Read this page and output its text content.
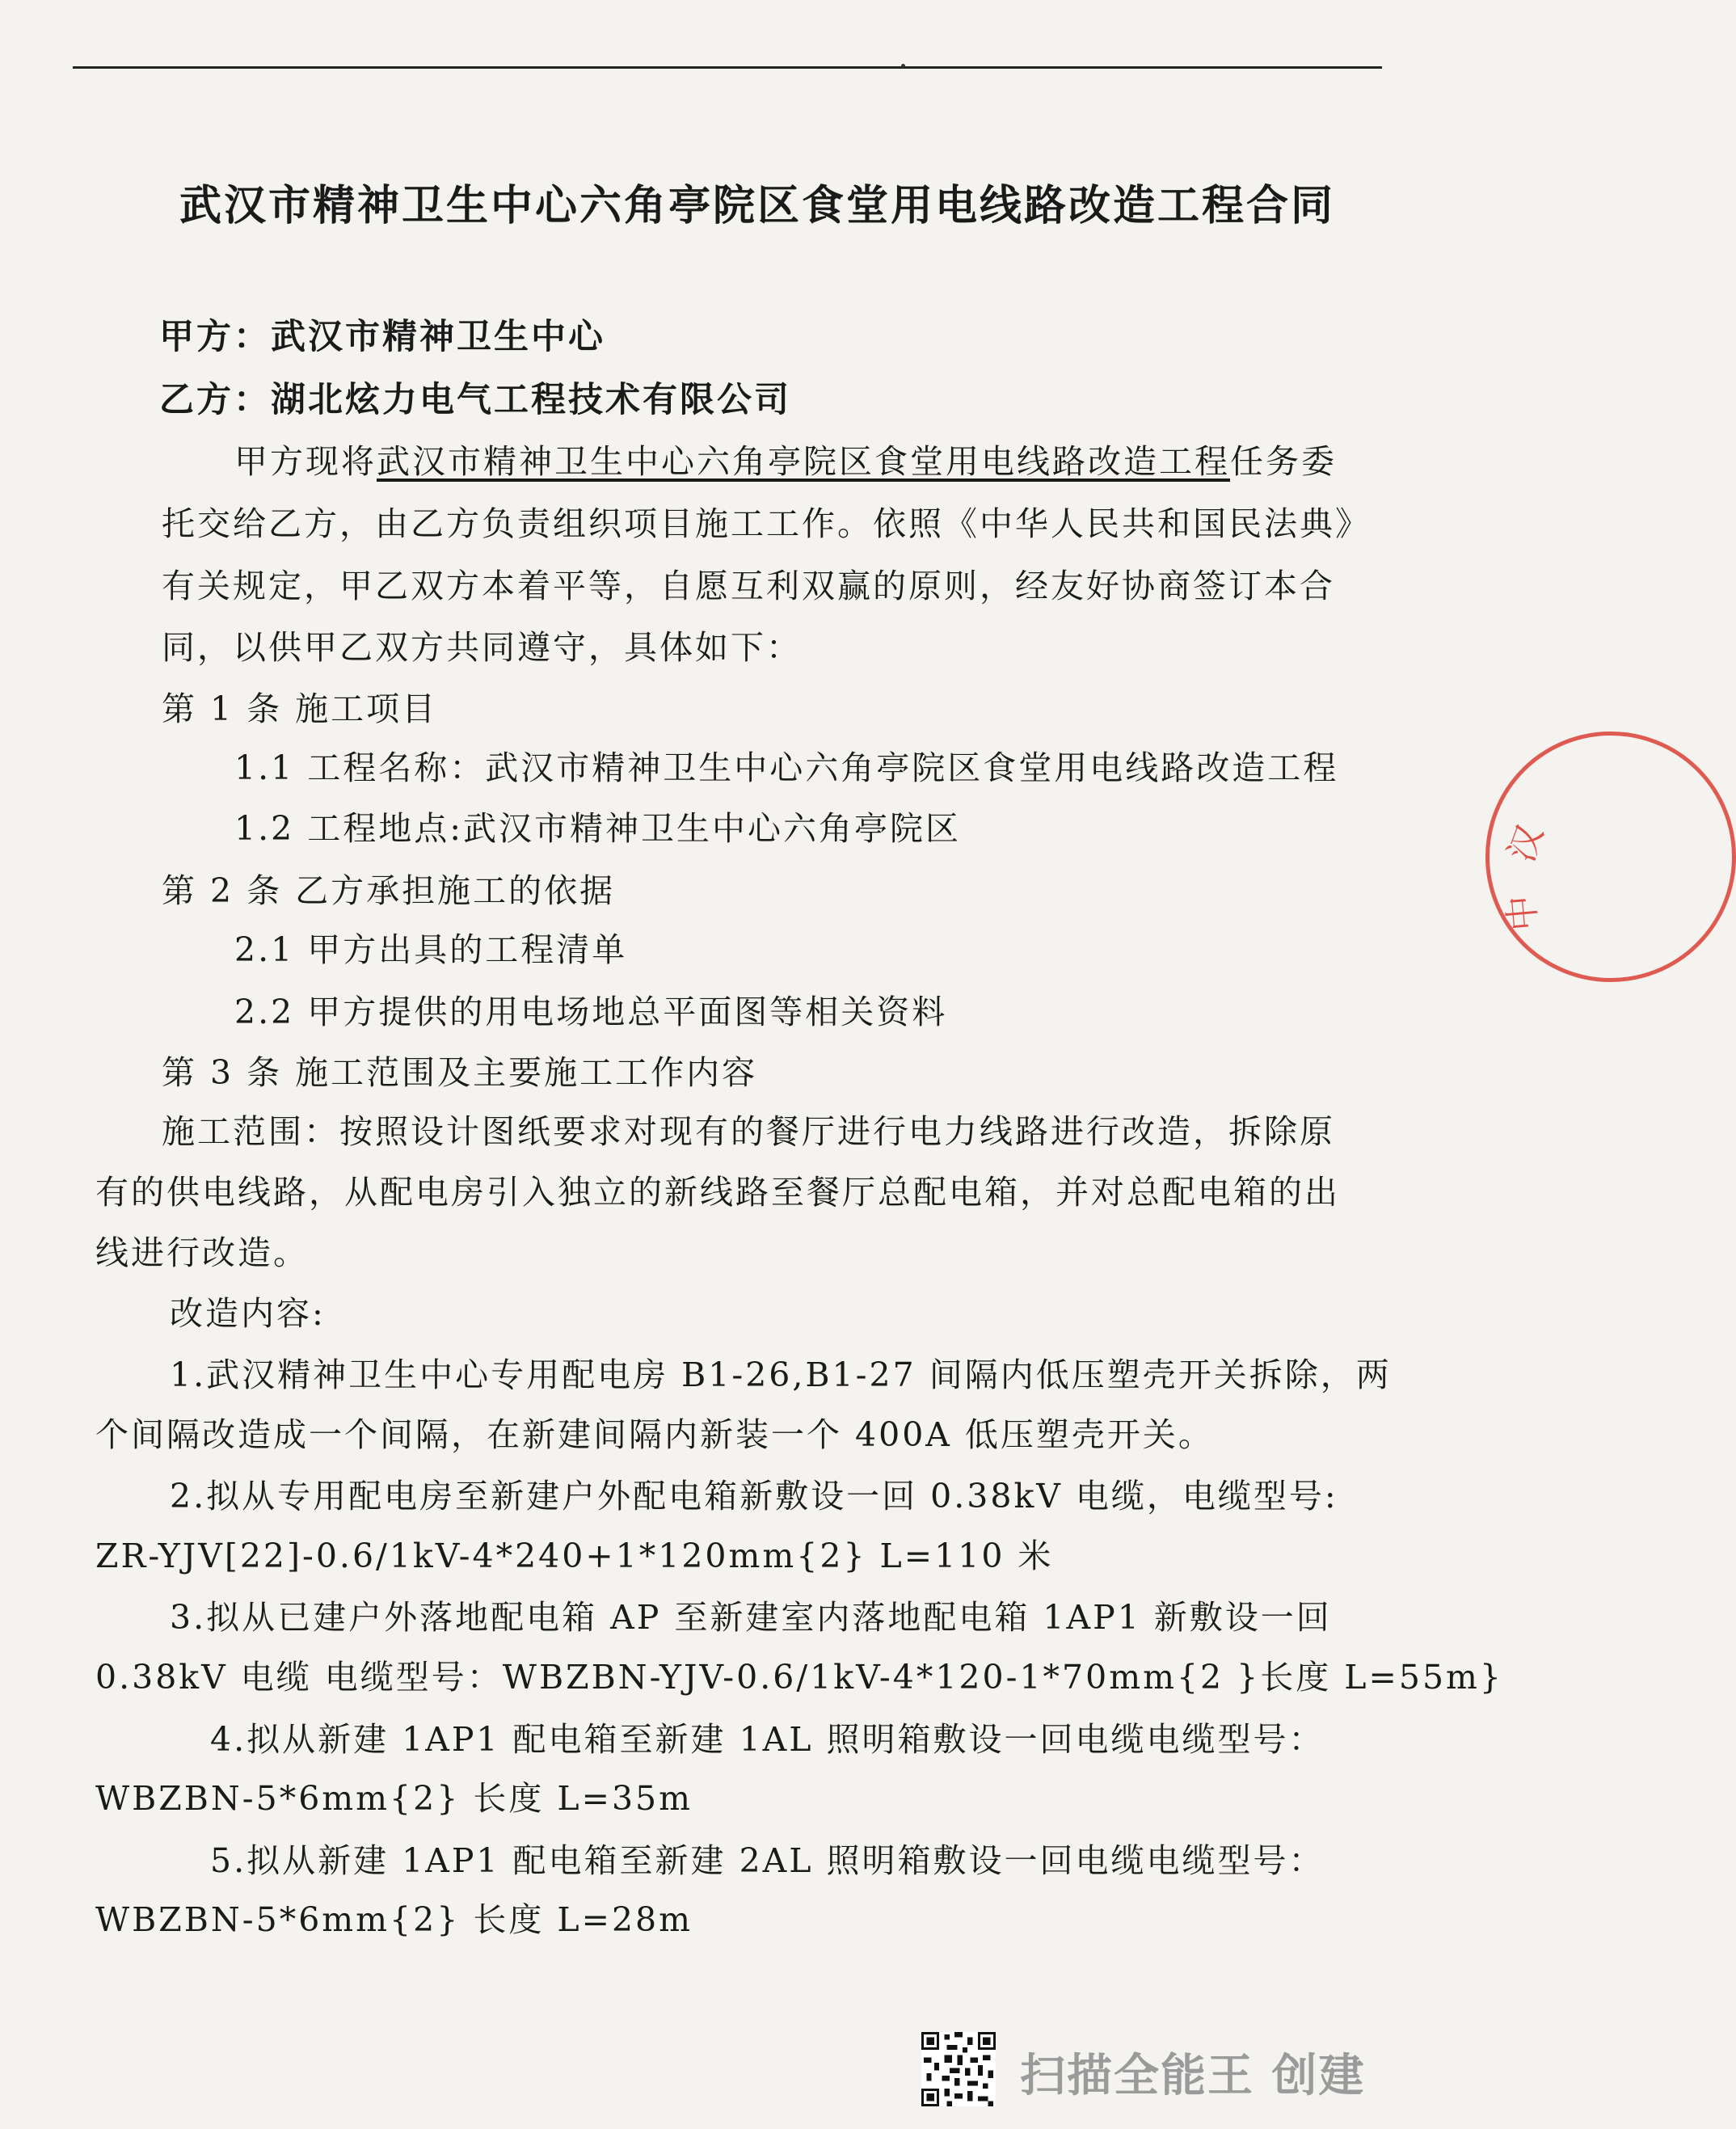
武汉市精神卫生中心六角亭院区食堂用电线路改造工程合同
甲方：武汉市精神卫生中心
乙方：湖北炫力电气工程技术有限公司
甲方现将武汉市精神卫生中心六角亭院区食堂用电线路改造工程任务委
托交给乙方，由乙方负责组织项目施工工作。依照《中华人民共和国民法典》
有关规定，甲乙双方本着平等，自愿互利双赢的原则，经友好协商签订本合
同，以供甲乙双方共同遵守，具体如下：
第 1 条 施工项目
1.1 工程名称：武汉市精神卫生中心六角亭院区食堂用电线路改造工程
1.2 工程地点:武汉市精神卫生中心六角亭院区
第 2 条 乙方承担施工的依据
2.1 甲方出具的工程清单
2.2 甲方提供的用电场地总平面图等相关资料
第 3 条 施工范围及主要施工工作内容
施工范围：按照设计图纸要求对现有的餐厅进行电力线路进行改造，拆除原
有的供电线路，从配电房引入独立的新线路至餐厅总配电箱，并对总配电箱的出
线进行改造。
改造内容:
1.武汉精神卫生中心专用配电房 B1-26,B1-27 间隔内低压塑壳开关拆除，两
个间隔改造成一个间隔，在新建间隔内新装一个 400A 低压塑壳开关。
2.拟从专用配电房至新建户外配电箱新敷设一回 0.38kV 电缆，电缆型号:
ZR-YJV[22]-0.6/1kV-4*240+1*120mm{2} L=110 米
3.拟从已建户外落地配电箱 AP 至新建室内落地配电箱 1AP1 新敷设一回
0.38kV 电缆 电缆型号：WBZBN-YJV-0.6/1kV-4*120-1*70mm{2 }长度 L=55m}
4.拟从新建 1AP1 配电箱至新建 1AL 照明箱敷设一回电缆电缆型号：
WBZBN-5*6mm{2} 长度 L=35m
5.拟从新建 1AP1 配电箱至新建 2AL 照明箱敷设一回电缆电缆型号：
WBZBN-5*6mm{2} 长度 L=28m
汉
中
扫描全能王 创建
